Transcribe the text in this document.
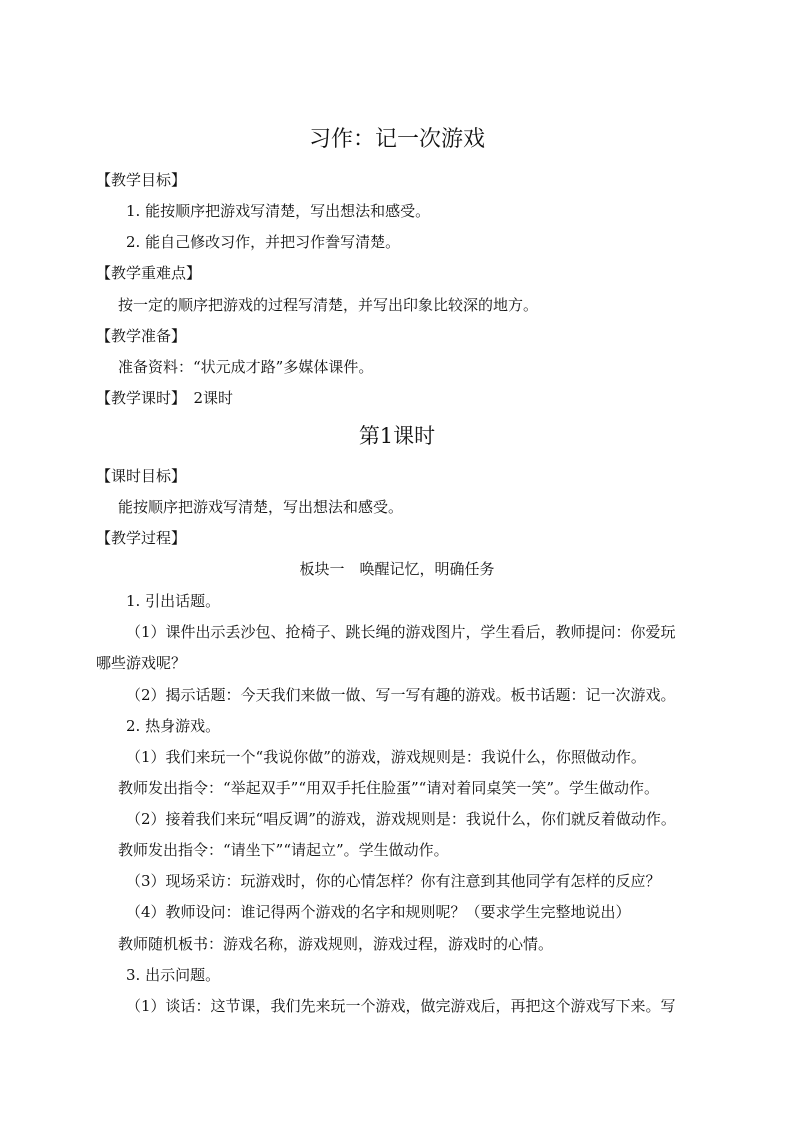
习作：记一次游戏
【教学目标】
1. 能按顺序把游戏写清楚，写出想法和感受。
2. 能自己修改习作，并把习作誊写清楚。
【教学重难点】
按一定的顺序把游戏的过程写清楚，并写出印象比较深的地方。
【教学准备】
准备资料：“状元成才路”多媒体课件。
【教学课时】　2课时
第1课时
【课时目标】
能按顺序把游戏写清楚，写出想法和感受。
【教学过程】
板块一　唤醒记忆，明确任务
1. 引出话题。
（1）课件出示丢沙包、抢椅子、跳长绳的游戏图片，学生看后，教师提问：你爱玩
哪些游戏呢？
（2）揭示话题：今天我们来做一做、写一写有趣的游戏。板书话题：记一次游戏。
2. 热身游戏。
（1）我们来玩一个“我说你做”的游戏，游戏规则是：我说什么，你照做动作。
教师发出指令：“举起双手”“用双手托住脸蛋”“请对着同桌笑一笑”。学生做动作。
（2）接着我们来玩“唱反调”的游戏，游戏规则是：我说什么，你们就反着做动作。
教师发出指令：“请坐下”“请起立”。学生做动作。
（3）现场采访：玩游戏时，你的心情怎样？你有注意到其他同学有怎样的反应？
（4）教师设问：谁记得两个游戏的名字和规则呢？（要求学生完整地说出）
教师随机板书：游戏名称，游戏规则，游戏过程，游戏时的心情。
3. 出示问题。
（1）谈话：这节课，我们先来玩一个游戏，做完游戏后，再把这个游戏写下来。写
